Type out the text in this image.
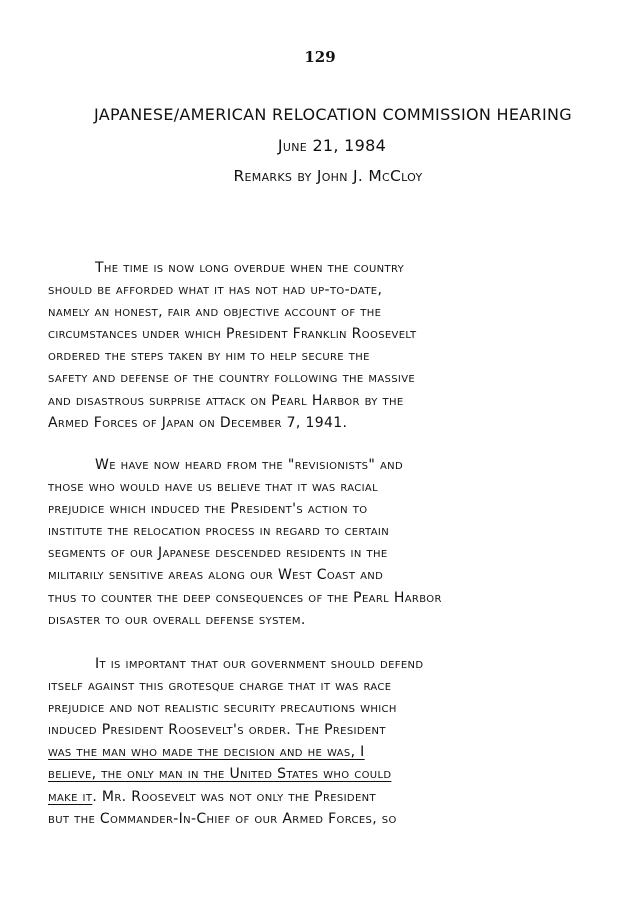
129
JAPANESE/AMERICAN RELOCATION COMMISSION HEARING
June 21, 1984
Remarks by John J. McCloy
The time is now long overdue when the country
should be afforded what it has not had up-to-date,
namely an honest, fair and objective account of the
circumstances under which President Franklin Roosevelt
ordered the steps taken by him to help secure the
safety and defense of the country following the massive
and disastrous surprise attack on Pearl Harbor by the
Armed Forces of Japan on December 7, 1941.
We have now heard from the "revisionists" and
those who would have us believe that it was racial
prejudice which induced the President's action to
institute the relocation process in regard to certain
segments of our Japanese descended residents in the
militarily sensitive areas along our West Coast and
thus to counter the deep consequences of the Pearl Harbor
disaster to our overall defense system.
It is important that our government should defend
itself against this grotesque charge that it was race
prejudice and not realistic security precautions which
induced President Roosevelt's order. The President
was the man who made the decision and he was, I
believe, the only man in the United States who could
make it. Mr. Roosevelt was not only the President
but the Commander-In-Chief of our Armed Forces, so
